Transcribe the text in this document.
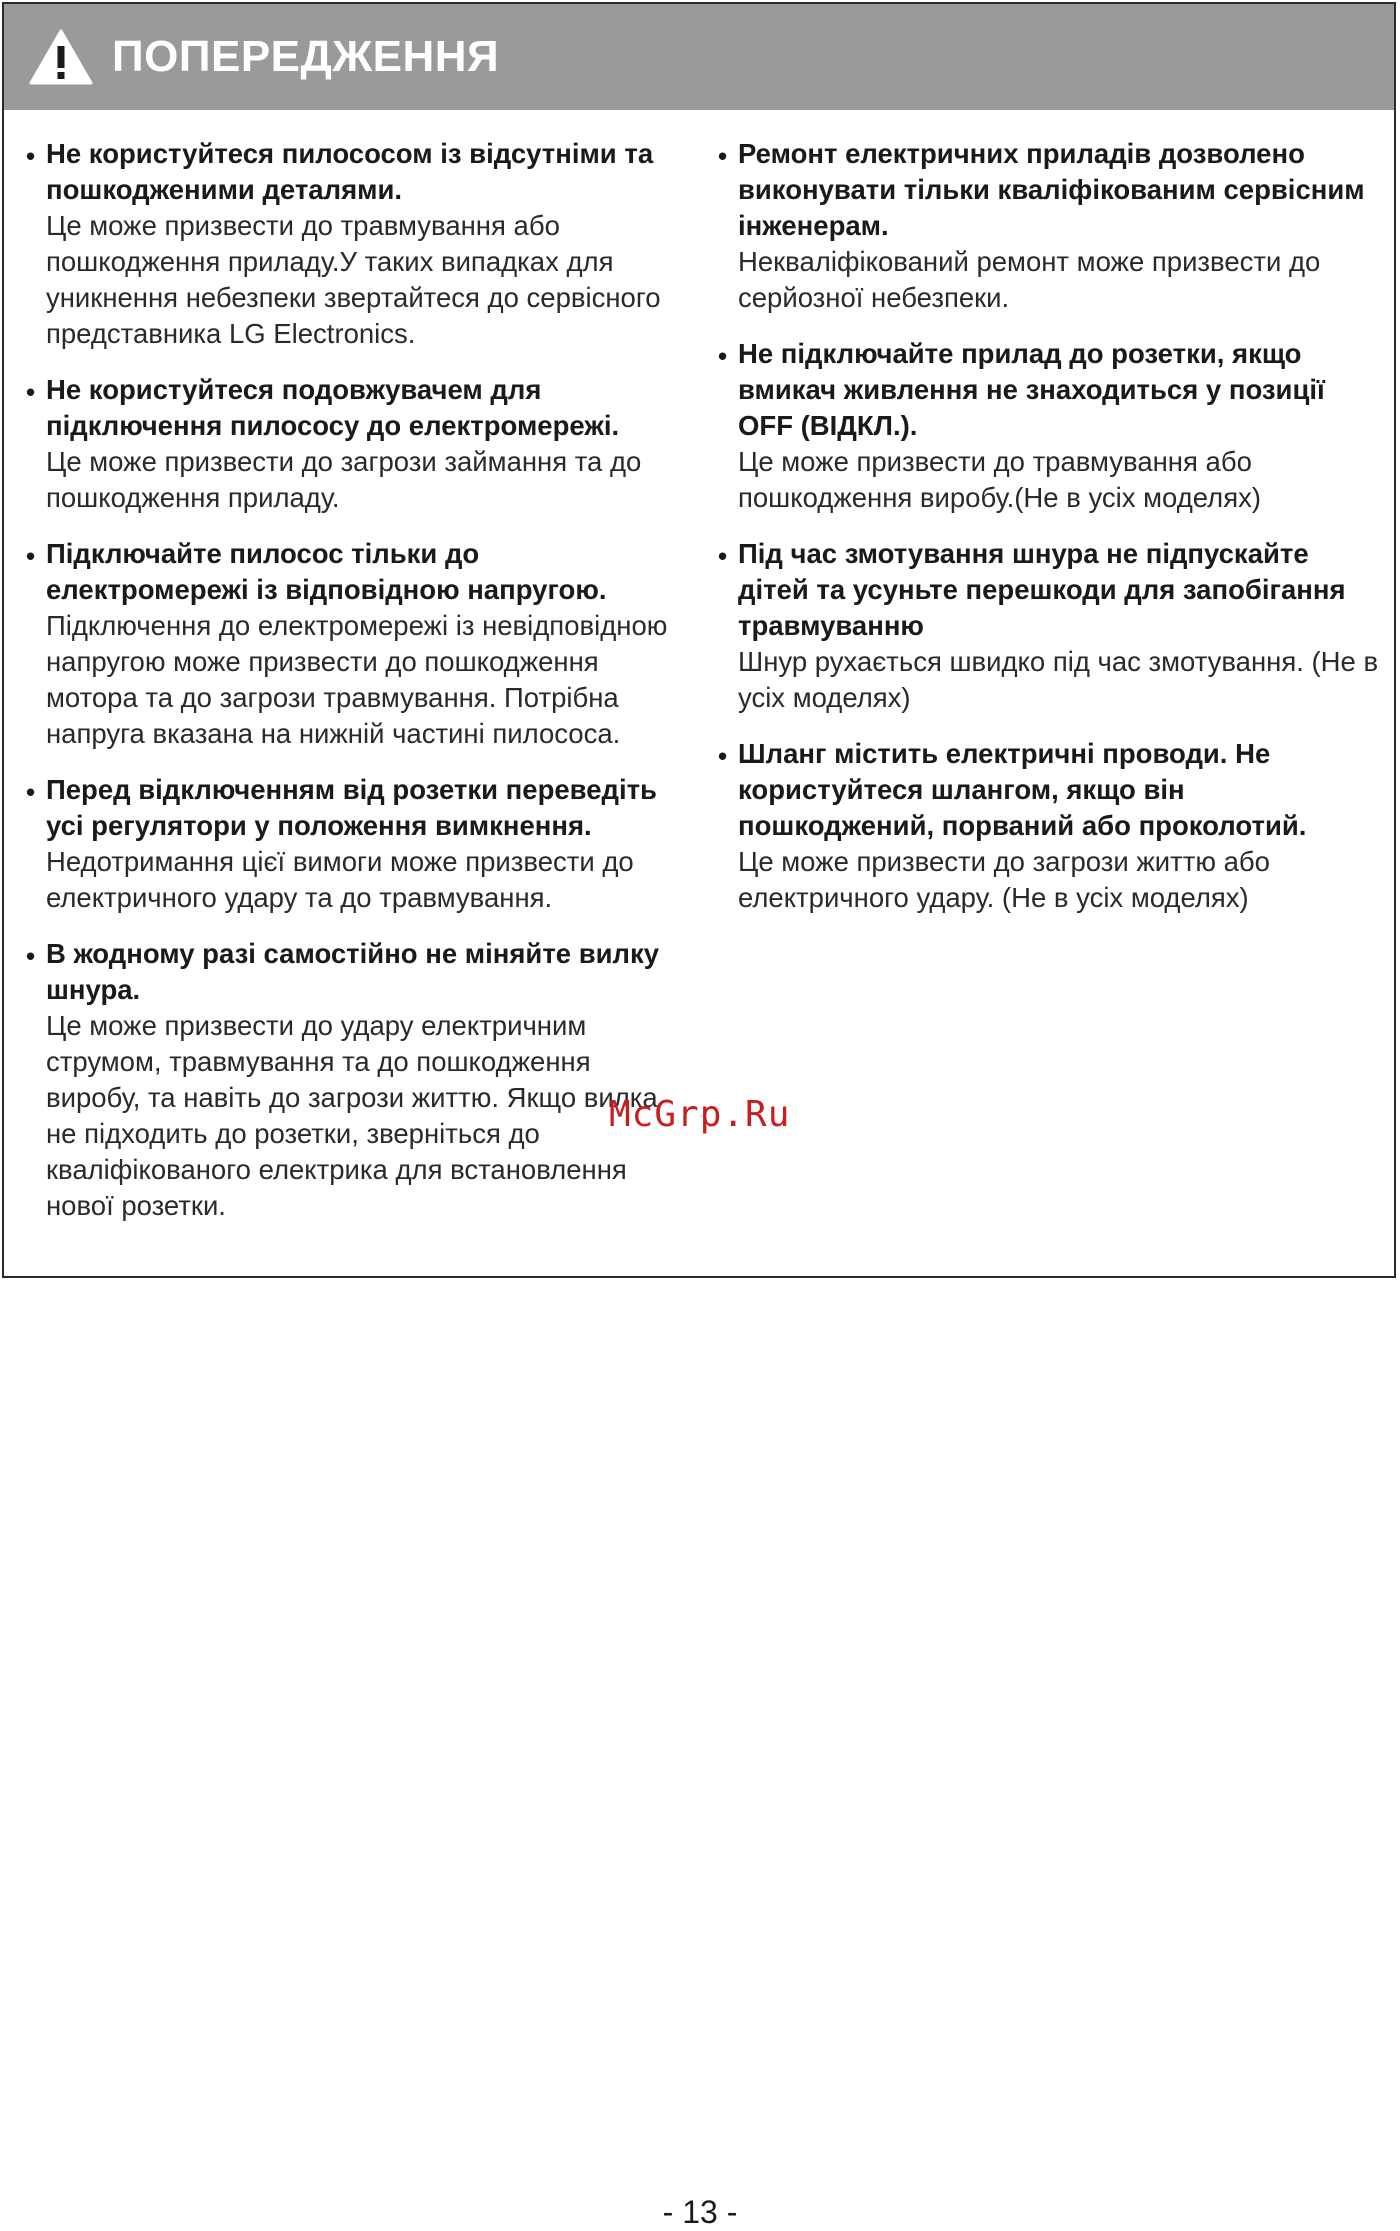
ПОПЕРЕДЖЕННЯ
• Не користуйтеся пилососом із відсутніми та пошкодженими деталями.
Це може призвести до травмування або пошкодження приладу.У таких випадках для уникнення небезпеки звертайтеся до сервісного представника LG Electronics.
• Не користуйтеся подовжувачем для підключення пилососу до електромережі.
Це може призвести до загрози займання та до пошкодження приладу.
• Підключайте пилосос тільки до електромережі із відповідною напругою.
Підключення до електромережі із невідповідною напругою може призвести до пошкодження мотора та до загрози травмування. Потрібна напруга вказана на нижній частині пилососа.
• Перед відключенням від розетки переведіть усі регулятори у положення вимкнення.
Недотримання цієї вимоги може призвести до електричного удару та до травмування.
• В жодному разі самостійно не міняйте вилку шнура.
Це може призвести до удару електричним струмом, травмування та до пошкодження виробу, та навіть до загрози життю. Якщо вилка не підходить до розетки, зверніться до кваліфікованого електрика для встановлення нової розетки.
• Ремонт електричних приладів дозволено виконувати тільки кваліфікованим сервісним інженерам.
Некваліфікований ремонт може призвести до серйозної небезпеки.
• Не підключайте прилад до розетки, якщо вмикач живлення не знаходиться у позиції OFF (ВІДКЛ.).
Це може призвести до травмування або пошкодження виробу.(Не в усіх моделях)
• Під час змотування шнура не підпускайте дітей та усуньте перешкоди для запобігання травмуванню
Шнур рухається швидко під час змотування. (Не в усіх моделях)
• Шланг містить електричні проводи. Не користуйтеся шлангом, якщо він пошкоджений, порваний або проколотий.
Це може призвести до загрози життю або електричного удару. (Не в усіх моделях)
McGrp.Ru
- 13 -
